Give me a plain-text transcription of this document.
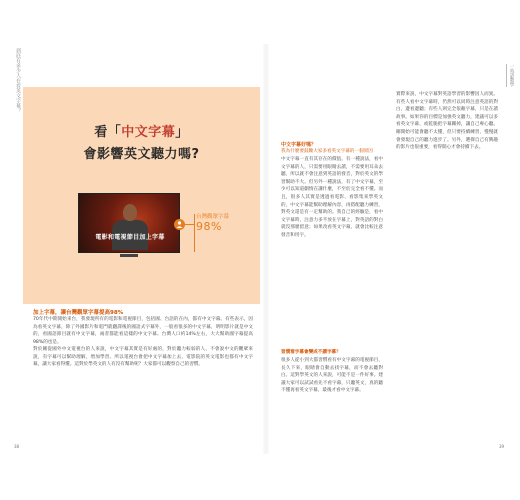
到底有多少人在看英文字幕？
看「中文字幕」
會影響英文聽力嗎?
電影和電視節目加上字幕
台灣觀眾字幕
98%
加上字幕，讓台灣觀眾字幕提高98%

70年代中期開始來台，我發現所有的電影和電視節目，包括國、台語的在內，都有中文字幕。有些表示，因為看英文字幕，除了外國影片和電門就翻譯後的國語式字幕外，一般看很多的中文字幕，明明影片就是中文的，看國語節目就有中文字幕，兩者都能看這樣的中文字幕。台灣人口約14%左右，大大幫助國字幕提高98%的也是。

對於剛從國外中文電視台的人來說，中文字幕其實是有好處的，對於聽力較弱的人、不會說中文的觀眾來說，有字幕可以幫助理解，增加學習。所以電視台會把中文字幕加上去，電影院的英文電影也都有中文字幕，讓大家看得懂。這對於學英文的人有沒有幫助呢？大家都可以觀察自己的習慣。

38
一英語教學
中文字幕好嗎？
我為什麼要鼓勵大家多看英文字幕的一個原因

中文字幕一直有其存在的價值。有一種說法，看中文字幕的人，只需要用眼睛去讀，不需要用耳朵去聽，所以就不會注意到英語的發音，對於英文的學習幫助不大。但另外一種說法，有了中文字幕，至少可以知道劇情在講什麼，不至於完全看不懂。而且，很多人其實是透過看電影、看影集來學英文的，中文字幕能幫助理解內容，再搭配聽力練習，對英文還是有一定幫助的。我自己的經驗是，看中文字幕時，注意力多半放在字幕上，對英語的對白就沒那麼留意；如果改看英文字幕，就會比較注意發音和用字。

習慣看字幕會變成不讀字幕？

很多人從小到大都習慣看有中文字幕的電視節目，長久下來，眼睛會自動去找字幕，而不會去聽對白。這對學英文的人來說，可能不是一件好事。建議大家可以試試看先不看字幕，只聽英文，真的聽不懂再看英文字幕，最後才看中文字幕。

實際來說，中文字幕對英語學習的影響因人而異。有些人看中文字幕時，仍然可以同時注意英語的對白，邊看邊聽；有些人則完全依賴字幕，只是在讀故事。如果你的目標是加強英文聽力，建議可以多看英文字幕，或乾脆把字幕關掉，讓自己專心聽。剛開始可能會聽不太懂，但只要持續練習，慢慢就會發現自己的聽力進步了。另外，選擇自己有興趣的影片也很重要，看得開心才會持續下去。

39
